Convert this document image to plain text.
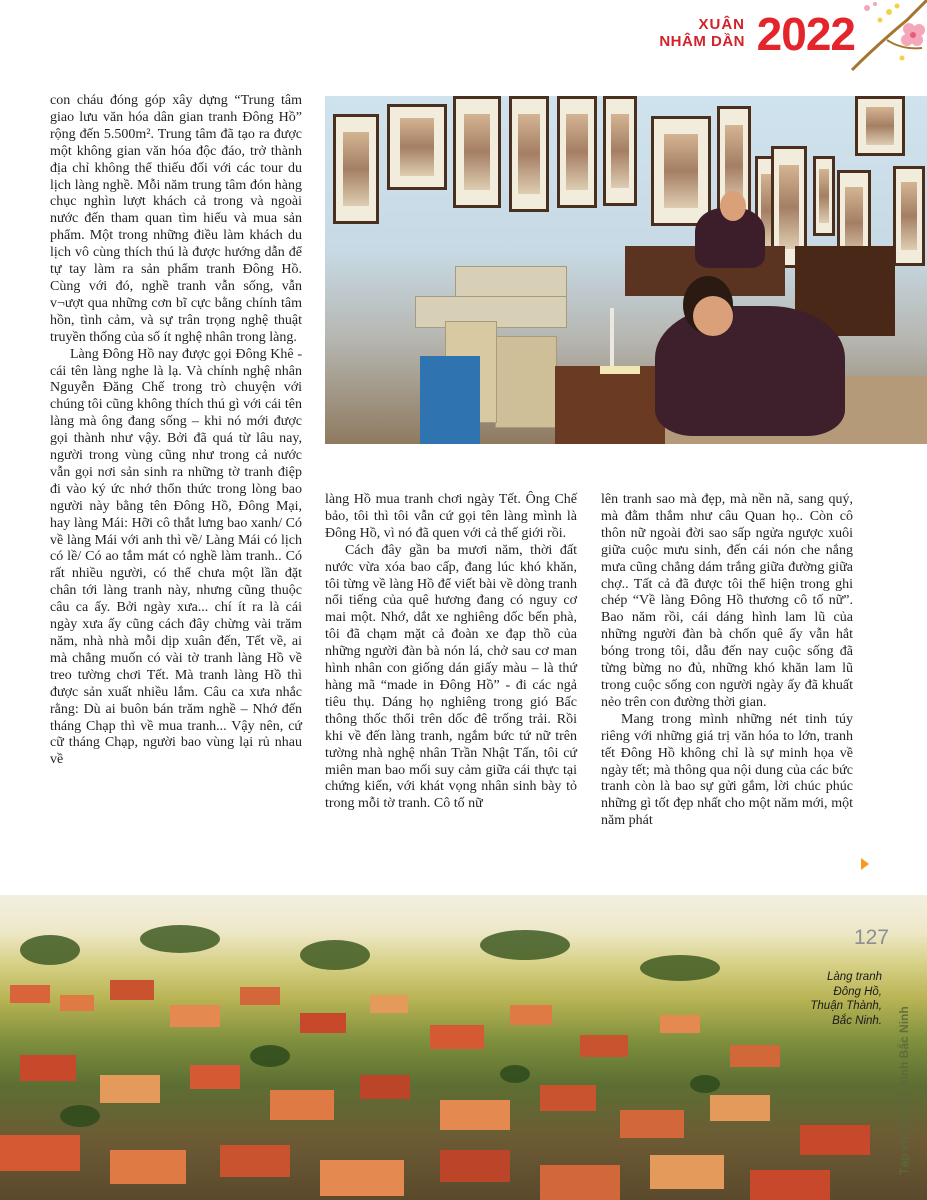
XUÂN
NHÂM DẦN 2022

con cháu đóng góp xây dựng “Trung tâm giao lưu văn hóa dân gian tranh Đông Hồ” rộng đến 5.500m². Trung tâm đã tạo ra được một không gian văn hóa độc đáo, trở thành địa chỉ không thể thiếu đối với các tour du lịch làng nghề. Mỗi năm trung tâm đón hàng chục nghìn lượt khách cả trong và ngoài nước đến tham quan tìm hiểu và mua sản phẩm. Một trong những điều làm khách du lịch vô cùng thích thú là được hướng dẫn để tự tay làm ra sản phẩm tranh Đông Hồ. Cùng với đó, nghề tranh vẫn sống, vẫn v¬ượt qua những cơn bĩ cực bằng chính tâm hồn, tình cảm, và sự trân trọng nghệ thuật truyền thống của số ít nghệ nhân trong làng.

Làng Đông Hồ nay được gọi Đông Khê - cái tên làng nghe là lạ. Và chính nghệ nhân Nguyễn Đăng Chế trong trò chuyện với chúng tôi cũng không thích thú gì với cái tên làng mà ông đang sống – khi nó mới được gọi thành như vậy. Bởi đã quá từ lâu nay, người trong vùng cũng như trong cả nước vẫn gọi nơi sản sinh ra những tờ tranh điệp đi vào ký ức nhớ thổn thức trong lòng bao người này bằng tên Đông Hồ, Đông Mại, hay làng Mái: Hỡi cô thắt lưng bao xanh/ Có về làng Mái với anh thì về/ Làng Mái có lịch có lề/ Có ao tắm mát có nghề làm tranh.. Có rất nhiều người, có thể chưa một lần đặt chân tới làng tranh này, nhưng cũng thuộc câu ca ấy. Bởi ngày xưa... chí ít ra là cái ngày xưa ấy cũng cách đây chừng vài trăm năm, nhà nhà mỗi dịp xuân đến, Tết về, ai mà chẳng muốn có vài tờ tranh làng Hồ về treo tường chơi Tết. Mà tranh làng Hồ thì được sản xuất nhiều lắm. Câu ca xưa nhắc rằng: Dù ai buôn bán trăm nghề – Nhớ đến tháng Chạp thì về mua tranh... Vậy nên, cứ cữ tháng Chạp, người bao vùng lại rủ nhau về

làng Hồ mua tranh chơi ngày Tết. Ông Chế bảo, tôi thì tôi vẫn cứ gọi tên làng mình là Đông Hồ, vì nó đã quen với cả thế giới rồi.

Cách đây gần ba mươi năm, thời đất nước vừa xóa bao cấp, đang lúc khó khăn, tôi từng về làng Hồ để viết bài về dòng tranh nổi tiếng của quê hương đang có nguy cơ mai một. Nhớ, dắt xe nghiêng dốc bến phà, tôi đã chạm mặt cả đoàn xe đạp thồ của những người đàn bà nón lá, chở sau cơ man hình nhân con giống dán giấy màu – là thứ hàng mã “made in Đông Hồ” - đi các ngả tiêu thụ. Dáng họ nghiêng trong gió Bấc thông thốc thổi trên dốc đê trống trải. Rồi khi về đến làng tranh, ngắm bức tứ nữ trên tường nhà nghệ nhân Trần Nhật Tấn, tôi cứ miên man bao mối suy cảm giữa cái thực tại chứng kiến, với khát vọng nhân sinh bày tỏ trong mỗi tờ tranh. Cô tố nữ

lên tranh sao mà đẹp, mà nền nã, sang quý, mà đằm thắm như câu Quan họ.. Còn cô thôn nữ ngoài đời sao sấp ngửa ngược xuôi giữa cuộc mưu sinh, đến cái nón che nắng mưa cũng chẳng dám trắng giữa đường giữa chợ.. Tất cả đã được tôi thể hiện trong ghi chép “Về làng Đông Hồ thương cô tố nữ”. Bao năm rồi, cái dáng hình lam lũ của những người đàn bà chốn quê ấy vẫn hắt bóng trong tôi, dẫu đến nay cuộc sống đã từng bừng no đủ, những khó khăn lam lũ trong cuộc sống con người ngày ấy đã khuất nẻo trên con đường thời gian.

Mang trong mình những nét tinh túy riêng với những giá trị văn hóa to lớn, tranh tết Đông Hồ không chỉ là sự minh họa về ngày tết; mà thông qua nội dung của các bức tranh còn là bao sự gửi gắm, lời chúc phúc những gì tốt đẹp nhất cho một năm mới, một năm phát

127
Làng tranh
Đông Hồ,
Thuận Thành,
Bắc Ninh. Tạp chí Truyền hình Bắc Ninh
